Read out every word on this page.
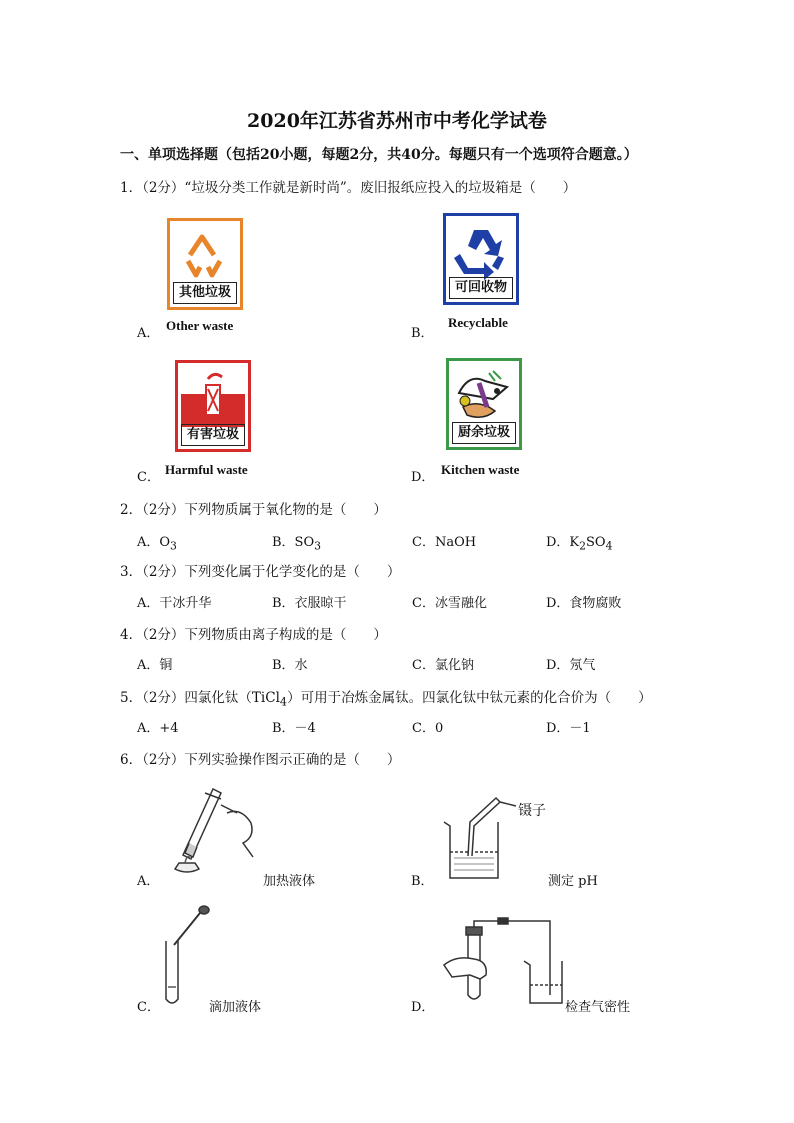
2020年江苏省苏州市中考化学试卷
一、单项选择题（包括20小题，每题2分，共40分。每题只有一个选项符合题意。）
1．（2分）“垃圾分类工作就是新时尚”。废旧报纸应投入的垃圾箱是（　　）
其他垃圾
A．
Other waste
可回收物
B．
Recyclable
有害垃圾
C．
Harmful waste
厨余垃圾
D．
Kitchen waste
2．（2分）下列物质属于氧化物的是（　　）
A．$O_3$	B．$SO_3$	C．NaOH	D．$K_2SO_4$
3．（2分）下列变化属于化学变化的是（　　）
A．干冰升华	B．衣服晾干	C．冰雪融化	D．食物腐败
4．（2分）下列物质由离子构成的是（　　）
A．铜	B．水	C．氯化钠	D．氖气
5．（2分）四氯化钛（TiCl$_4$）可用于冶炼金属钛。四氯化钛中钛元素的化合价为（　　）
A．+4	B．－4	C．0	D．－1
6．（2分）下列实验操作图示正确的是（　　）
A．	加热液体
镊子
B．	测定 pH
C．	滴加液体	D．	检查气密性
